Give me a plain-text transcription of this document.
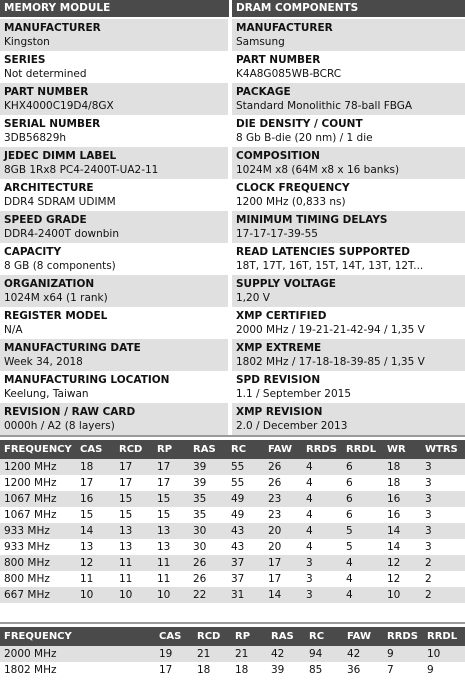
MEMORY MODULE	DRAM COMPONENTS
MANUFACTURER
Kingston
SERIES
Not determined
PART NUMBER
KHX4000C19D4/8GX
SERIAL NUMBER
3DB56829h
JEDEC DIMM LABEL
8GB 1Rx8 PC4-2400T-UA2-11
ARCHITECTURE
DDR4 SDRAM UDIMM
SPEED GRADE
DDR4-2400T downbin
CAPACITY
8 GB (8 components)
ORGANIZATION
1024M x64 (1 rank)
REGISTER MODEL
N/A
MANUFACTURING DATE
Week 34, 2018
MANUFACTURING LOCATION
Keelung, Taiwan
REVISION / RAW CARD
0000h / A2 (8 layers)
MANUFACTURER
Samsung
PART NUMBER
K4A8G085WB-BCRC
PACKAGE
Standard Monolithic 78-ball FBGA
DIE DENSITY / COUNT
8 Gb B-die (20 nm) / 1 die
COMPOSITION
1024M x8 (64M x8 x 16 banks)
CLOCK FREQUENCY
1200 MHz (0,833 ns)
MINIMUM TIMING DELAYS
17-17-17-39-55
READ LATENCIES SUPPORTED
18T, 17T, 16T, 15T, 14T, 13T, 12T...
SUPPLY VOLTAGE
1,20 V
XMP CERTIFIED
2000 MHz / 19-21-21-42-94 / 1,35 V
XMP EXTREME
1802 MHz / 17-18-18-39-85 / 1,35 V
SPD REVISION
1.1 / September 2015
XMP REVISION
2.0 / December 2013
FREQUENCY	CAS	RCD	RP	RAS	RC	FAW	RRDS	RRDL	WR	WTRS
1200 MHz	18	17	17	39	55	26	4	6	18	3
1200 MHz	17	17	17	39	55	26	4	6	18	3
1067 MHz	16	15	15	35	49	23	4	6	16	3
1067 MHz	15	15	15	35	49	23	4	6	16	3
933 MHz	14	13	13	30	43	20	4	5	14	3
933 MHz	13	13	13	30	43	20	4	5	14	3
800 MHz	12	11	11	26	37	17	3	4	12	2
800 MHz	11	11	11	26	37	17	3	4	12	2
667 MHz	10	10	10	22	31	14	3	4	10	2
FREQUENCY	CAS	RCD	RP	RAS	RC	FAW	RRDS	RRDL
2000 MHz	19	21	21	42	94	42	9	10
1802 MHz	17	18	18	39	85	36	7	9
